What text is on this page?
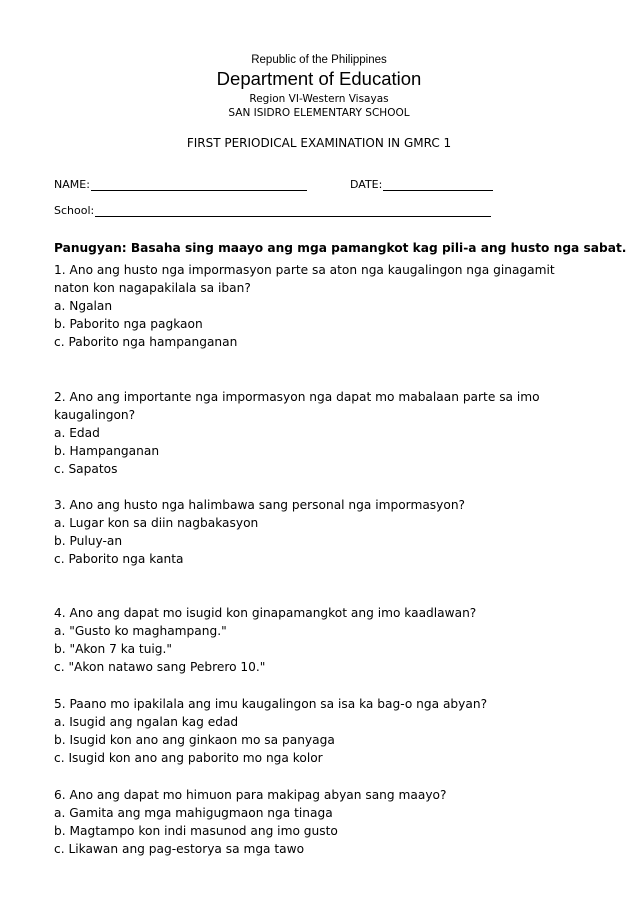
Republic of the Philippines
Department of Education
Region VI-Western Visayas
SAN ISIDRO ELEMENTARY SCHOOL
FIRST PERIODICAL EXAMINATION IN GMRC 1
NAME:	DATE:
School:
Panugyan: Basaha sing maayo ang mga pamangkot kag pili-a ang husto nga sabat.
1. Ano ang husto nga impormasyon parte sa aton nga kaugalingon nga ginagamit
naton kon nagapakilala sa iban?
a. Ngalan
b. Paborito nga pagkaon
c. Paborito nga hampanganan
2. Ano ang importante nga impormasyon nga dapat mo mabalaan parte sa imo
kaugalingon?
a. Edad
b. Hampanganan
c. Sapatos
3. Ano ang husto nga halimbawa sang personal nga impormasyon?
a. Lugar kon sa diin nagbakasyon
b. Puluy-an
c. Paborito nga kanta
4. Ano ang dapat mo isugid kon ginapamangkot ang imo kaadlawan?
a. "Gusto ko maghampang."
b. "Akon 7 ka tuig."
c. "Akon natawo sang Pebrero 10."
5. Paano mo ipakilala ang imu kaugalingon sa isa ka bag-o nga abyan?
a. Isugid ang ngalan kag edad
b. Isugid kon ano ang ginkaon mo sa panyaga
c. Isugid kon ano ang paborito mo nga kolor
6. Ano ang dapat mo himuon para makipag abyan sang maayo?
a. Gamita ang mga mahigugmaon nga tinaga
b. Magtampo kon indi masunod ang imo gusto
c. Likawan ang pag-estorya sa mga tawo
